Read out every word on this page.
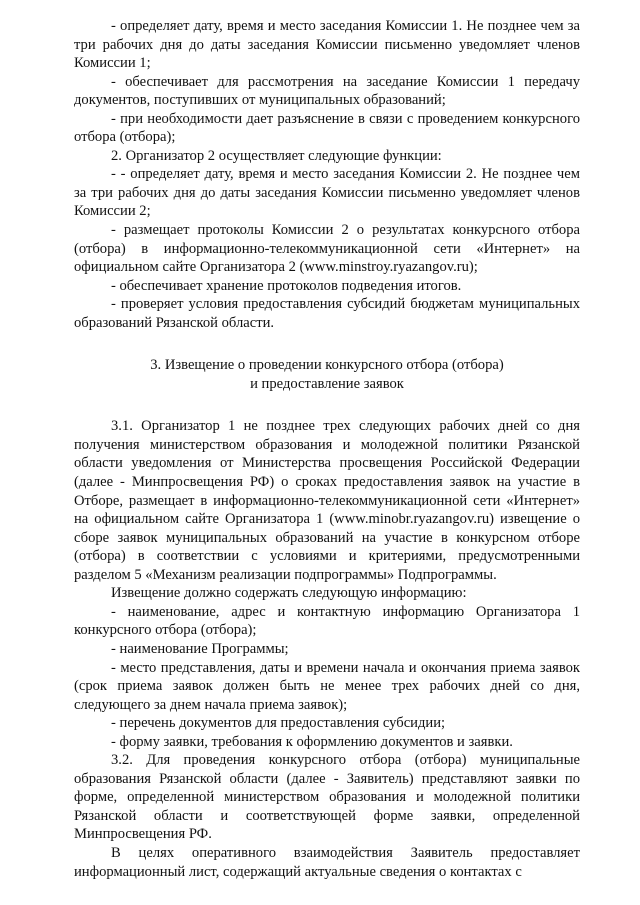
- определяет дату, время и место заседания Комиссии 1. Не позднее чем за три рабочих дня до даты заседания Комиссии письменно уведомляет членов Комиссии 1;

- обеспечивает для рассмотрения на заседание Комиссии 1 передачу документов, поступивших от муниципальных образований;

- при необходимости дает разъяснение в связи с проведением конкурсного отбора (отбора);

2. Организатор 2 осуществляет следующие функции:

- - определяет дату, время и место заседания Комиссии 2. Не позднее чем за три рабочих дня до даты заседания Комиссии письменно уведомляет членов Комиссии 2;

- размещает протоколы Комиссии 2 о результатах конкурсного отбора (отбора) в информационно-телекоммуникационной сети «Интернет» на официальном сайте Организатора 2 (www.minstroy.ryazangov.ru);

- обеспечивает хранение протоколов подведения итогов.

- проверяет условия предоставления субсидий бюджетам муниципальных образований Рязанской области.

3. Извещение о проведении конкурсного отбора (отбора)
и предоставление заявок

3.1. Организатор 1 не позднее трех следующих рабочих дней со дня получения министерством образования и молодежной политики Рязанской области уведомления от Министерства просвещения Российской Федерации (далее - Минпросвещения РФ) о сроках предоставления заявок на участие в Отборе, размещает в информационно-телекоммуникационной сети «Интернет» на официальном сайте Организатора 1 (www.minobr.ryazangov.ru) извещение о сборе заявок муниципальных образований на участие в конкурсном отборе (отбора) в соответствии с условиями и критериями, предусмотренными разделом 5 «Механизм реализации подпрограммы» Подпрограммы.

Извещение должно содержать следующую информацию:

- наименование, адрес и контактную информацию Организатора 1 конкурсного отбора (отбора);

- наименование Программы;

- место представления, даты и времени начала и окончания приема заявок (срок приема заявок должен быть не менее трех рабочих дней со дня, следующего за днем начала приема заявок);

- перечень документов для предоставления субсидии;

- форму заявки, требования к оформлению документов и заявки.

3.2. Для проведения конкурсного отбора (отбора) муниципальные образования Рязанской области (далее - Заявитель) представляют заявки по форме, определенной министерством образования и молодежной политики Рязанской области и соответствующей форме заявки, определенной Минпросвещения РФ.

В целях оперативного взаимодействия Заявитель предоставляет информационный лист, содержащий актуальные сведения о контактах с
